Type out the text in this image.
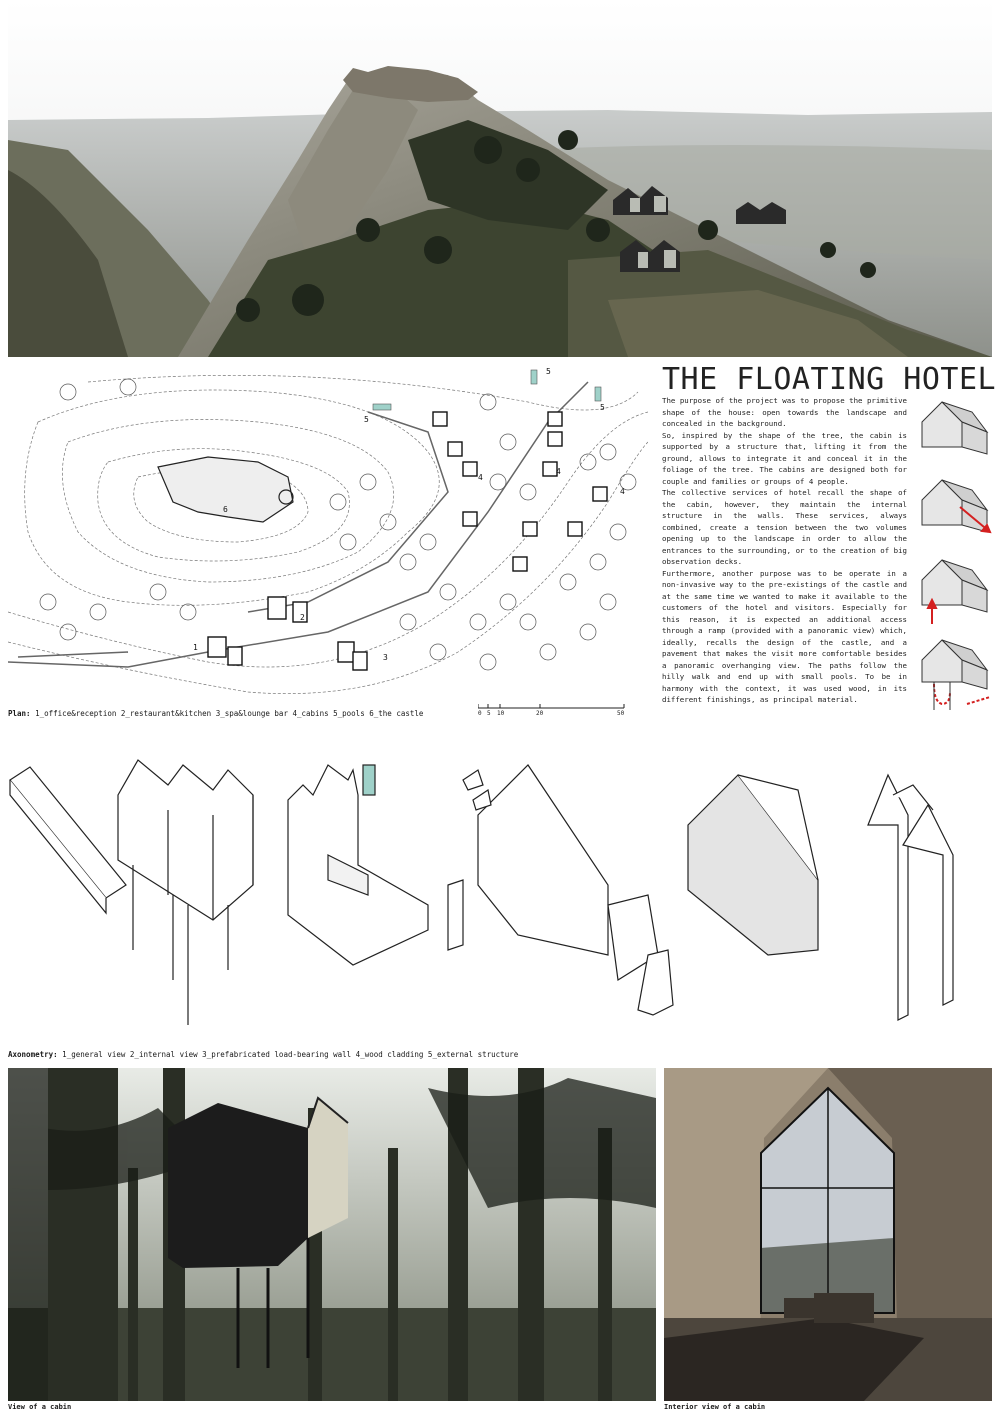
1
2
3
4
4
4
5
5
5
6
Plan: 1_office&reception 2_restaurant&kitchen 3_spa&lounge bar 4_cabins 5_pools 6_the castle	0 5 10	20	50
THE FLOATING HOTEL

The purpose of the project was to propose the primitive shape of the house: open towards the landscape and concealed in the background.

So, inspired by the shape of the tree, the cabin is supported by a structure that, lifting it from the ground, allows to integrate it and conceal it in the foliage of the tree. The cabins are designed both for couple and families or groups of 4 people.

The collective services of hotel recall the shape of the cabin, however, they maintain the internal structure in the walls. These services, always combined, create a tension between the two volumes opening up to the landscape in order to allow the entrances to the surrounding, or to the creation of big observation decks.

Furthermore, another purpose was to be operate in a non-invasive way to the pre-existings of the castle and at the same time we wanted to make it available to the customers of the hotel and visitors. Especially for this reason, it is expected an additional access through a ramp (provided with a panoramic view) which, ideally, recalls the design of the castle, and a pavement that makes the visit more comfortable besides a panoramic overhanging view. The paths follow the hilly walk and end up with small pools. To be in harmony with the context, it was used wood, in its different finishings, as principal material.

Axonometry: 1_general view 2_internal view 3_prefabricated load-bearing wall 4_wood cladding 5_external structure
View of a cabin	Interior view of a cabin
